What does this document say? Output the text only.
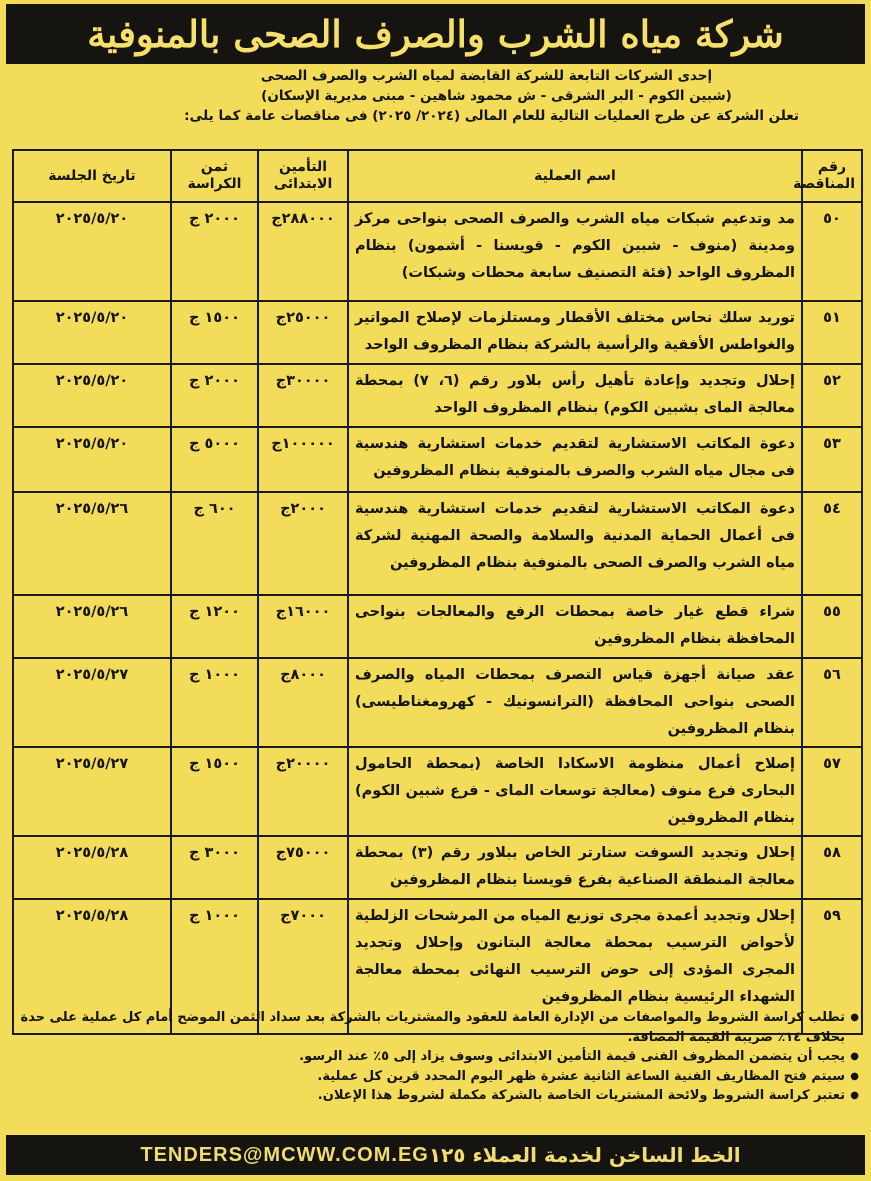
شركة مياه الشرب والصرف الصحى بالمنوفية
إحدى الشركات التابعة للشركة القابضة لمياه الشرب والصرف الصحى
(شبين الكوم - البر الشرقى - ش محمود شاهين - مبنى مديرية الإسكان)
تعلن الشركة عن طرح العمليات التالية للعام المالى (٢٠٢٤/ ٢٠٢٥) فى مناقصات عامة كما يلى:
رقم المناقصة	اسم العملية	التأمين الابتدائى	ثمن الكراسة	تاريخ الجلسة
٥٠	مد وتدعيم شبكات مياه الشرب والصرف الصحى بنواحى مركز ومدينة (منوف - شبين الكوم - قويسنا - أشمون) بنظام المظروف الواحد (فئة التصنيف سابعة محطات وشبكات)	٢٨٨٠٠٠ج	٢٠٠٠ ج	٢٠٢٥/٥/٢٠
٥١	توريد سلك نحاس مختلف الأقطار ومستلزمات لإصلاح المواتير والغواطس الأفقية والرأسية بالشركة بنظام المظروف الواحد	٢٥٠٠٠ج	١٥٠٠ ج	٢٠٢٥/٥/٢٠
٥٢	إحلال وتجديد وإعادة تأهيل رأس بلاور رقم (٦، ٧) بمحطة معالجة الماى بشبين الكوم) بنظام المظروف الواحد	٣٠٠٠٠ج	٢٠٠٠ ج	٢٠٢٥/٥/٢٠
٥٣	دعوة المكاتب الاستشارية لتقديم خدمات استشارية هندسية فى مجال مياه الشرب والصرف بالمنوفية بنظام المظروفين	١٠٠٠٠٠ج	٥٠٠٠ ج	٢٠٢٥/٥/٢٠
٥٤	دعوة المكاتب الاستشارية لتقديم خدمات استشارية هندسية فى أعمال الحماية المدنية والسلامة والصحة المهنية لشركة مياه الشرب والصرف الصحى بالمنوفية بنظام المظروفين	٢٠٠٠ج	٦٠٠ ج	٢٠٢٥/٥/٢٦
٥٥	شراء قطع غيار خاصة بمحطات الرفع والمعالجات بنواحى المحافظة بنظام المظروفين	١٦٠٠٠ج	١٢٠٠ ج	٢٠٢٥/٥/٢٦
٥٦	عقد صيانة أجهزة قياس التصرف بمحطات المياه والصرف الصحى بنواحى المحافظة (الترانسونيك - كهرومغناطيسى) بنظام المظروفين	٨٠٠٠ج	١٠٠٠ ج	٢٠٢٥/٥/٢٧
٥٧	إصلاح أعمال منظومة الاسكادا الخاصة (بمحطة الحامول البحارى فرع منوف (معالجة توسعات الماى - فرع شبين الكوم) بنظام المظروفين	٢٠٠٠٠ج	١٥٠٠ ج	٢٠٢٥/٥/٢٧
٥٨	إحلال وتجديد السوفت ستارتر الخاص ببلاور رقم (٣) بمحطة معالجة المنطقة الصناعية بفرع قويسنا بنظام المظروفين	٧٥٠٠٠ج	٣٠٠٠ ج	٢٠٢٥/٥/٢٨
٥٩	إحلال وتجديد أعمدة مجرى توزيع المياه من المرشحات الزلطية لأحواض الترسيب بمحطة معالجة البتانون وإحلال وتجديد المجرى المؤدى إلى حوض الترسيب النهائى بمحطة معالجة الشهداء الرئيسية بنظام المظروفين	٧٠٠٠ج	١٠٠٠ ج	٢٠٢٥/٥/٢٨

● تطلب كراسة الشروط والمواصفات من الإدارة العامة للعقود والمشتريات بالشركة بعد سداد الثمن الموضح أمام كل عملية على حدة بخلاف ١٤٪ ضريبة القيمة المضافة.

● يجب أن يتضمن المظروف الفنى قيمة التأمين الابتدائى وسوف يزاد إلى ٥٪ عند الرسو.

● سيتم فتح المظاريف الفنية الساعة الثانية عشرة ظهر اليوم المحدد قرين كل عملية.

● تعتبر كراسة الشروط ولائحة المشتريات الخاصة بالشركة مكملة لشروط هذا الإعلان.

الخط الساخن لخدمة العملاء ١٢٥
TENDERS@MCWW.COM.EG
